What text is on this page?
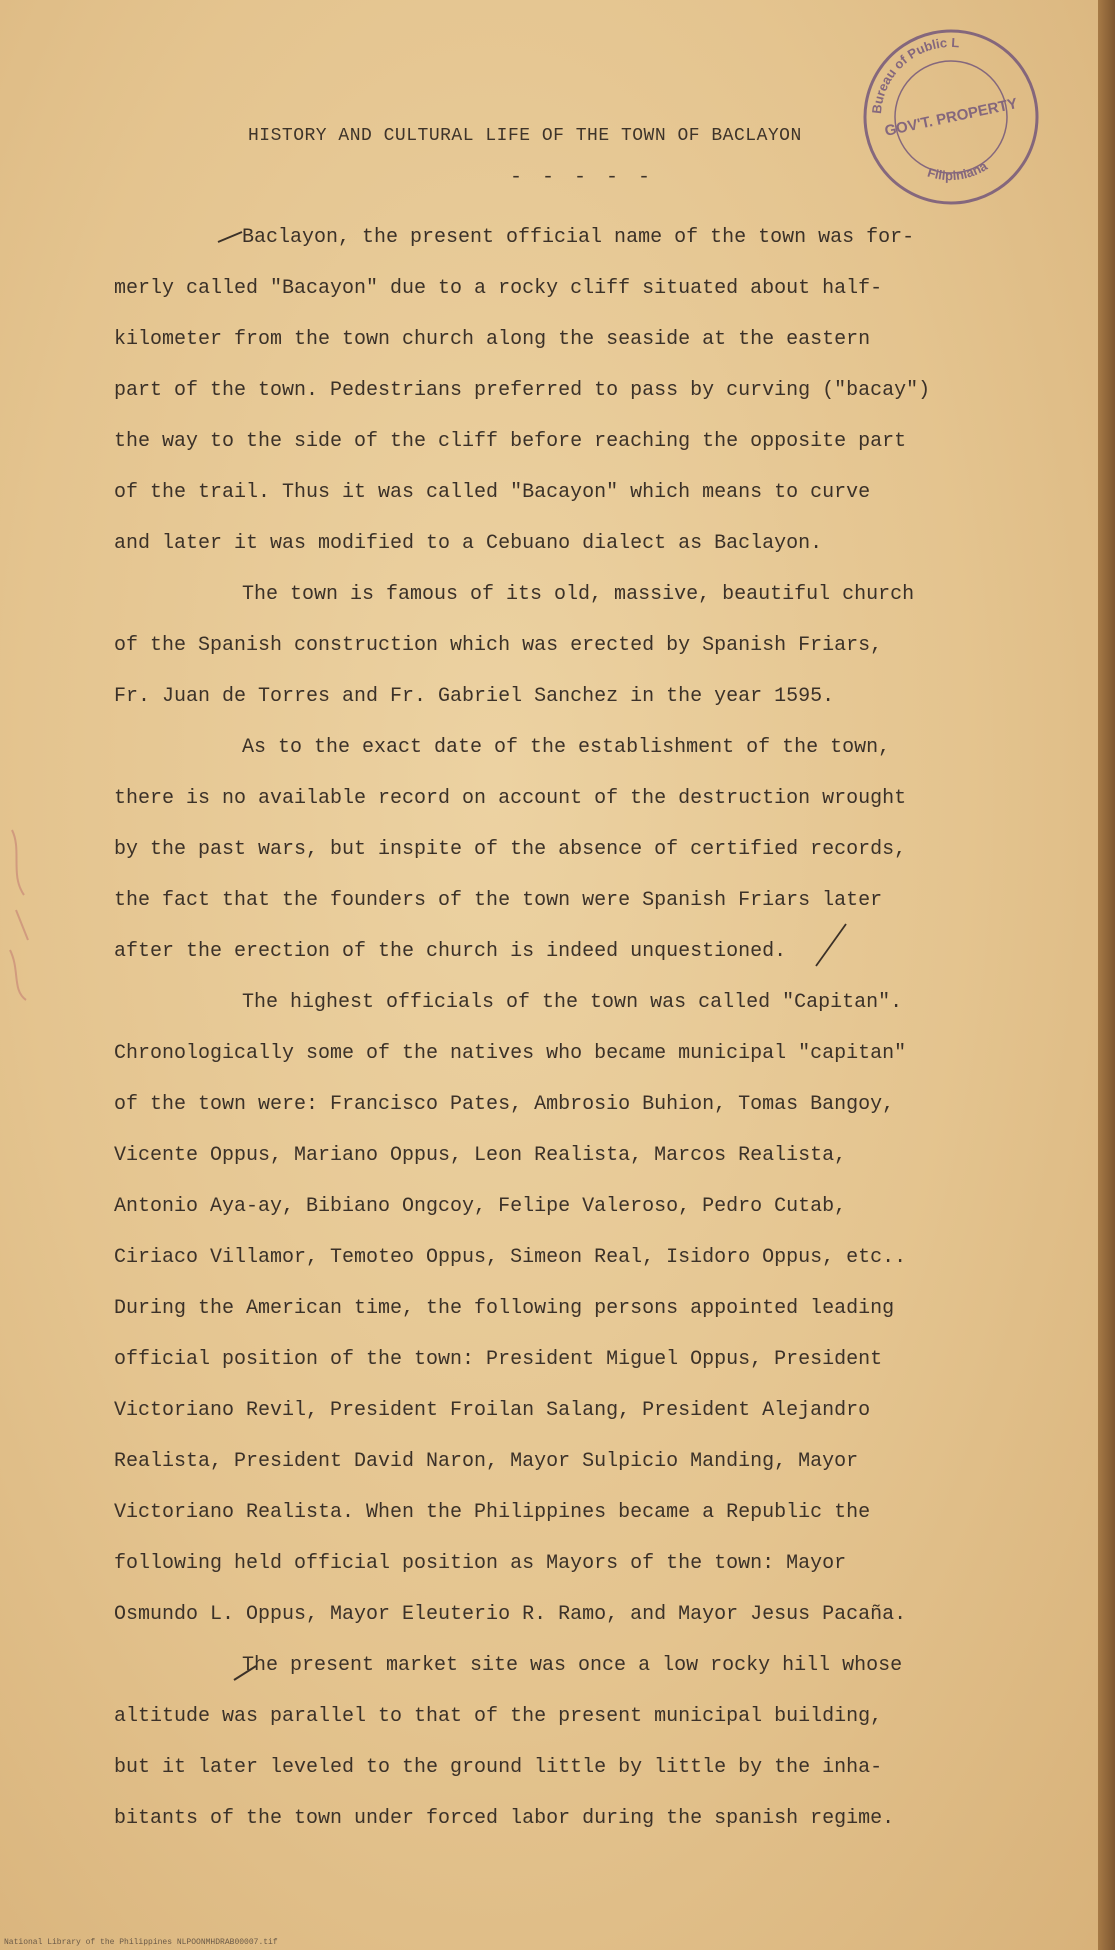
HISTORY AND CULTURAL LIFE OF THE TOWN OF BACLAYON
- - - - -
Baclayon, the present official name of the town was for-
merly called "Bacayon" due to a rocky cliff situated about half-
kilometer from the town church along the seaside at the eastern
part of the town. Pedestrians preferred to pass by curving ("bacay")
the way to the side of the cliff before reaching the opposite part
of the trail. Thus it was called "Bacayon" which means to curve
and later it was modified to a Cebuano dialect as Baclayon.
The town is famous of its old, massive, beautiful church
of the Spanish construction which was erected by Spanish Friars,
Fr. Juan de Torres and Fr. Gabriel Sanchez in the year 1595.
As to the exact date of the establishment of the town,
there is no available record on account of the destruction wrought
by the past wars, but inspite of the absence of certified records,
the fact that the founders of the town were Spanish Friars later
after the erection of the church is indeed unquestioned.
The highest officials of the town was called "Capitan".
Chronologically some of the natives who became municipal "capitan"
of the town were: Francisco Pates, Ambrosio Buhion, Tomas Bangoy,
Vicente Oppus, Mariano Oppus, Leon Realista, Marcos Realista,
Antonio Aya-ay, Bibiano Ongcoy, Felipe Valeroso, Pedro Cutab,
Ciriaco Villamor, Temoteo Oppus, Simeon Real, Isidoro Oppus, etc..
During the American time, the following persons appointed leading
official position of the town: President Miguel Oppus, President
Victoriano Revil, President Froilan Salang, President Alejandro
Realista, President David Naron, Mayor Sulpicio Manding, Mayor
Victoriano Realista. When the Philippines became a Republic the
following held official position as Mayors of the town: Mayor
Osmundo L. Oppus, Mayor Eleuterio R. Ramo, and Mayor Jesus Pacaña.
The present market site was once a low rocky hill whose
altitude was parallel to that of the present municipal building,
but it later leveled to the ground little by little by the inha-
bitants of the town under forced labor during the spanish regime.
Bureau of Public L
GOV'T. PROPERTY
Filipiniana
National Library of the Philippines NLPOONMHDRAB00007.tif
